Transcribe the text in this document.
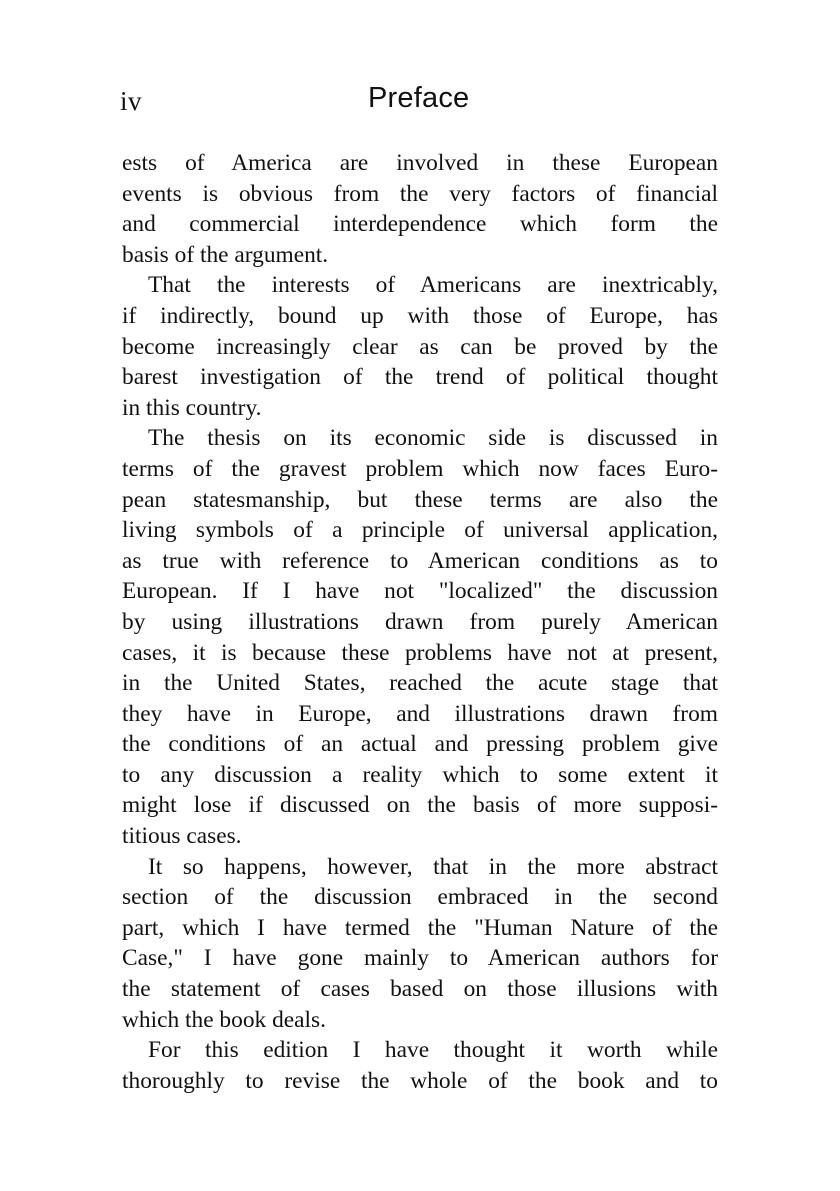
iv	Preface
ests of America are involved in these European
events is obvious from the very factors of financial
and commercial interdependence which form the
basis of the argument.
That the interests of Americans are inextricably,
if indirectly, bound up with those of Europe, has
become increasingly clear as can be proved by the
barest investigation of the trend of political thought
in this country.
The thesis on its economic side is discussed in
terms of the gravest problem which now faces Euro-
pean statesmanship, but these terms are also the
living symbols of a principle of universal application,
as true with reference to American conditions as to
European. If I have not "localized" the discussion
by using illustrations drawn from purely American
cases, it is because these problems have not at present,
in the United States, reached the acute stage that
they have in Europe, and illustrations drawn from
the conditions of an actual and pressing problem give
to any discussion a reality which to some extent it
might lose if discussed on the basis of more supposi-
titious cases.
It so happens, however, that in the more abstract
section of the discussion embraced in the second
part, which I have termed the "Human Nature of the
Case," I have gone mainly to American authors for
the statement of cases based on those illusions with
which the book deals.
For this edition I have thought it worth while
thoroughly to revise the whole of the book and to
